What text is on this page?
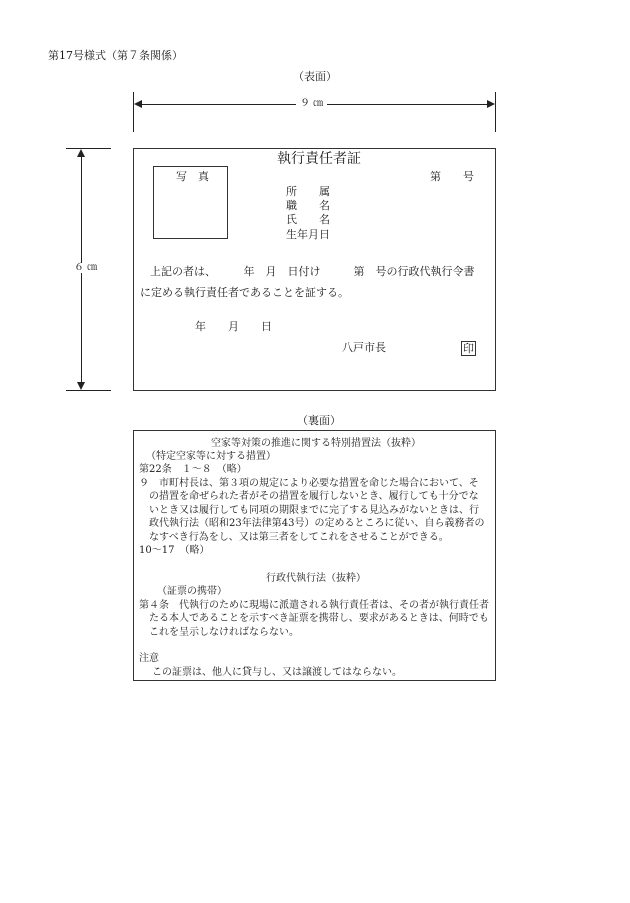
第17号様式（第７条関係）
（表面）
９ ㎝
６ ㎝
執行責任者証
写　真	第　　号
所　　属
職　　名
氏　　名
生年月日
上記の者は、　　　年　月　日付け　　　第　号の行政代執行令書
に定める執行責任者であることを証する。
年　　月　　日
八戸市長	印
（裏面）
空家等対策の推進に関する特別措置法（抜粋）
（特定空家等に対する措置）
第22条　１～８　（略）
９　市町村長は、第３項の規定により必要な措置を命じた場合において、そ
の措置を命ぜられた者がその措置を履行しないとき、履行しても十分でな
いとき又は履行しても同項の期限までに完了する見込みがないときは、行
政代執行法（昭和23年法律第43号）の定めるところに従い、自ら義務者の
なすべき行為をし、又は第三者をしてこれをさせることができる。
10～17　（略）
行政代執行法（抜粋）
（証票の携帯）
第４条　代執行のために現場に派遣される執行責任者は、その者が執行責任者
たる本人であることを示すべき証票を携帯し、要求があるときは、何時でも
これを呈示しなければならない。
注意
この証票は、他人に貸与し、又は譲渡してはならない。
